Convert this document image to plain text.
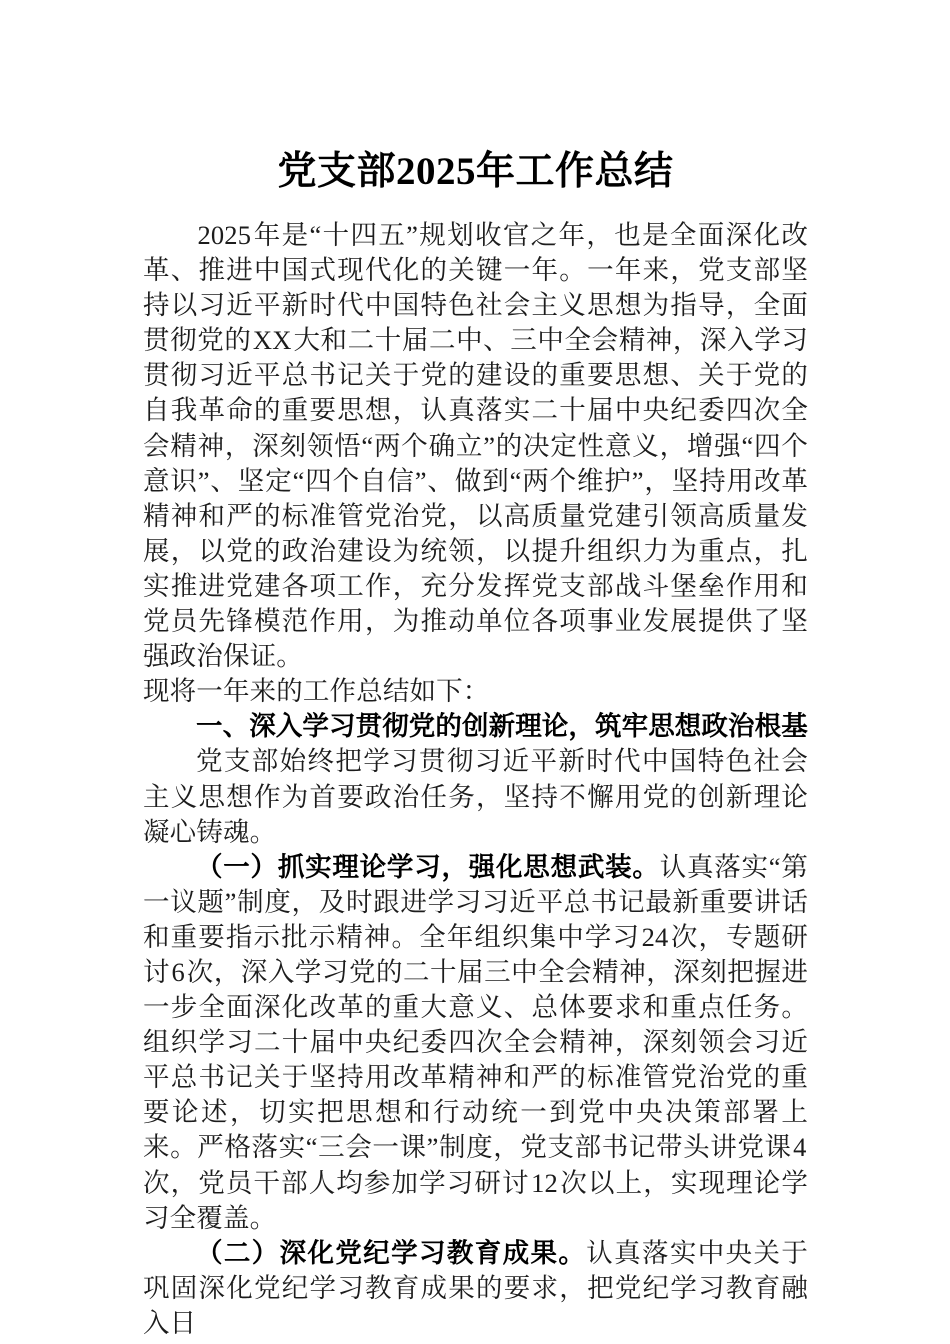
党支部2025年工作总结

2025年是“十四五”规划收官之年，也是全面深化改革、推进中国式现代化的关键一年。一年来，党支部坚持以习近平新时代中国特色社会主义思想为指导，全面贯彻党的XX大和二十届二中、三中全会精神，深入学习贯彻习近平总书记关于党的建设的重要思想、关于党的自我革命的重要思想，认真落实二十届中央纪委四次全会精神，深刻领悟“两个确立”的决定性意义，增强“四个意识”、坚定“四个自信”、做到“两个维护”，坚持用改革精神和严的标准管党治党，以高质量党建引领高质量发展，以党的政治建设为统领，以提升组织力为重点，扎实推进党建各项工作，充分发挥党支部战斗堡垒作用和党员先锋模范作用，为推动单位各项事业发展提供了坚强政治保证。

现将一年来的工作总结如下：

一、深入学习贯彻党的创新理论，筑牢思想政治根基

党支部始终把学习贯彻习近平新时代中国特色社会主义思想作为首要政治任务，坚持不懈用党的创新理论凝心铸魂。

（一）抓实理论学习，强化思想武装。认真落实“第一议题”制度，及时跟进学习习近平总书记最新重要讲话和重要指示批示精神。全年组织集中学习24次，专题研讨6次，深入学习党的二十届三中全会精神，深刻把握进一步全面深化改革的重大意义、总体要求和重点任务。组织学习二十届中央纪委四次全会精神，深刻领会习近平总书记关于坚持用改革精神和严的标准管党治党的重要论述，切实把思想和行动统一到党中央决策部署上来。严格落实“三会一课”制度，党支部书记带头讲党课4次，党员干部人均参加学习研讨12次以上，实现理论学习全覆盖。

（二）深化党纪学习教育成果。认真落实中央关于巩固深化党纪学习教育成果的要求，把党纪学习教育融入日
